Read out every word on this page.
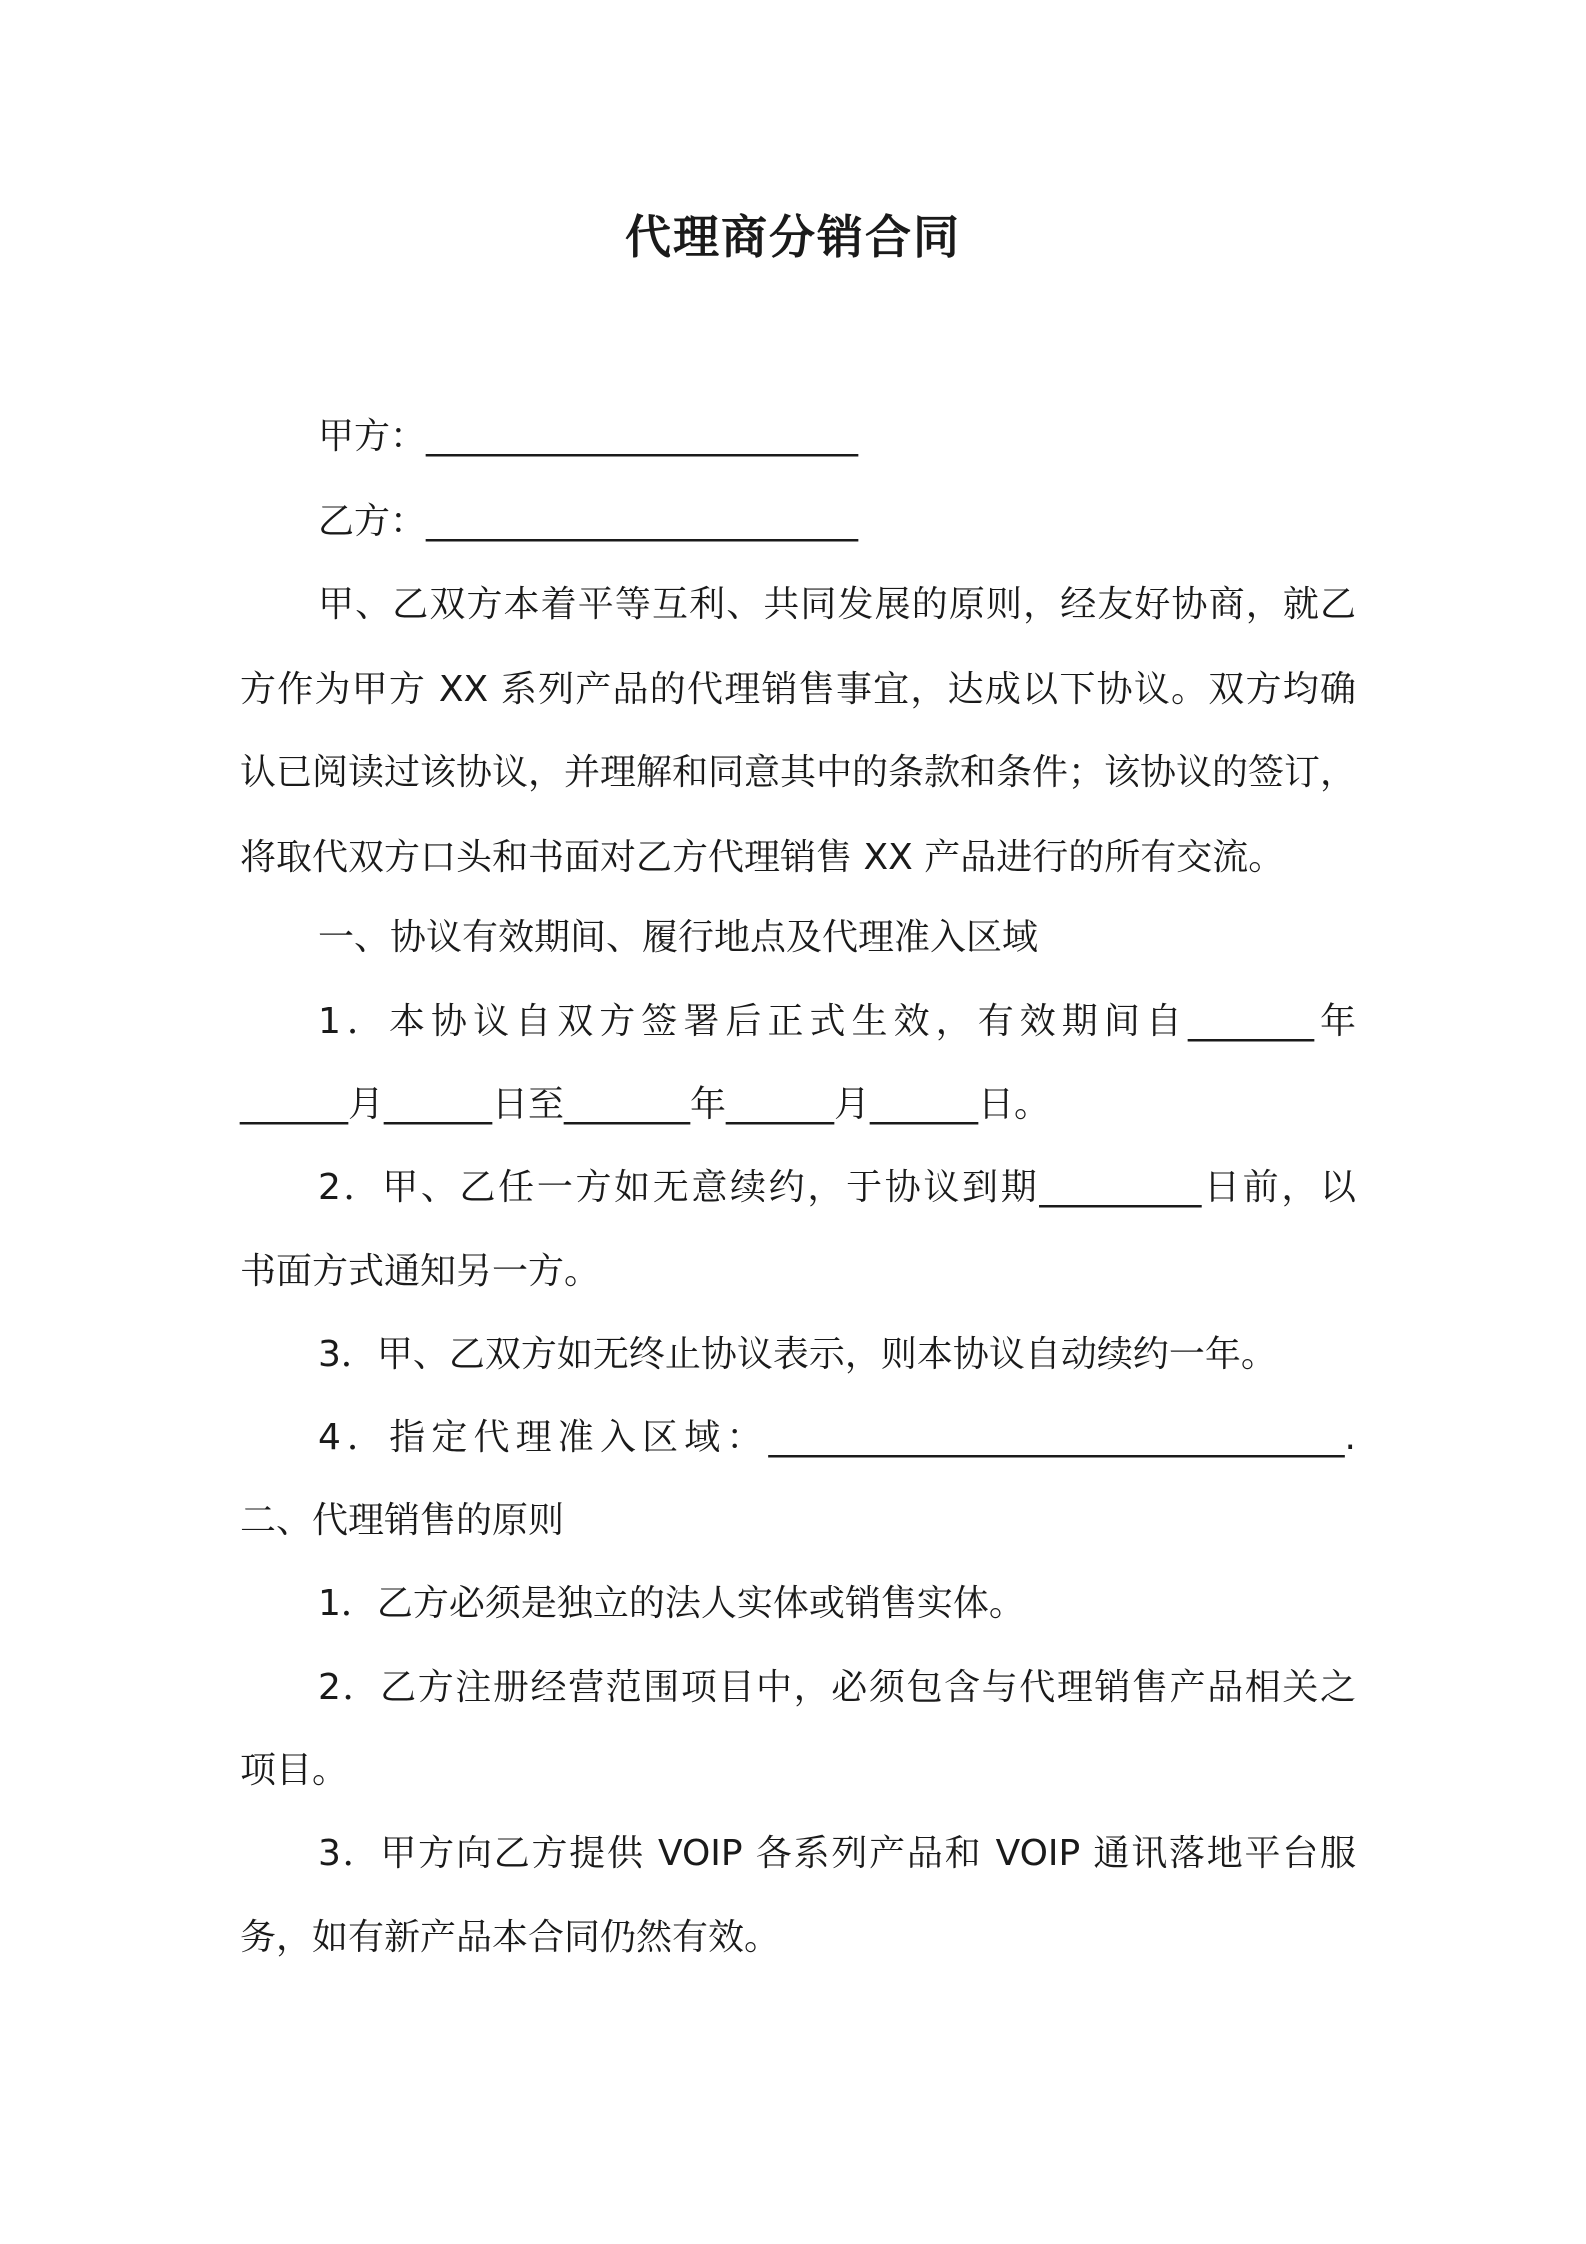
代理商分销合同
甲方：________________________
乙方：________________________
甲、乙双方本着平等互利、共同发展的原则，经友好协商，就乙
方作为甲方 XX 系列产品的代理销售事宜，达成以下协议。双方均确
认已阅读过该协议，并理解和同意其中的条款和条件；该协议的签订，
将取代双方口头和书面对乙方代理销售 XX 产品进行的所有交流。
一、协议有效期间、履行地点及代理准入区域
1．本协议自双方签署后正式生效，有效期间自_______年
______月______日至_______年______月______日。
2．甲、乙任一方如无意续约，于协议到期_________日前，以
书面方式通知另一方。
3．甲、乙双方如无终止协议表示，则本协议自动续约一年。
4．指定代理准入区域：________________________________.
二、代理销售的原则
1．乙方必须是独立的法人实体或销售实体。
2．乙方注册经营范围项目中，必须包含与代理销售产品相关之
项目。
3．甲方向乙方提供 VOIP 各系列产品和 VOIP 通讯落地平台服
务，如有新产品本合同仍然有效。
